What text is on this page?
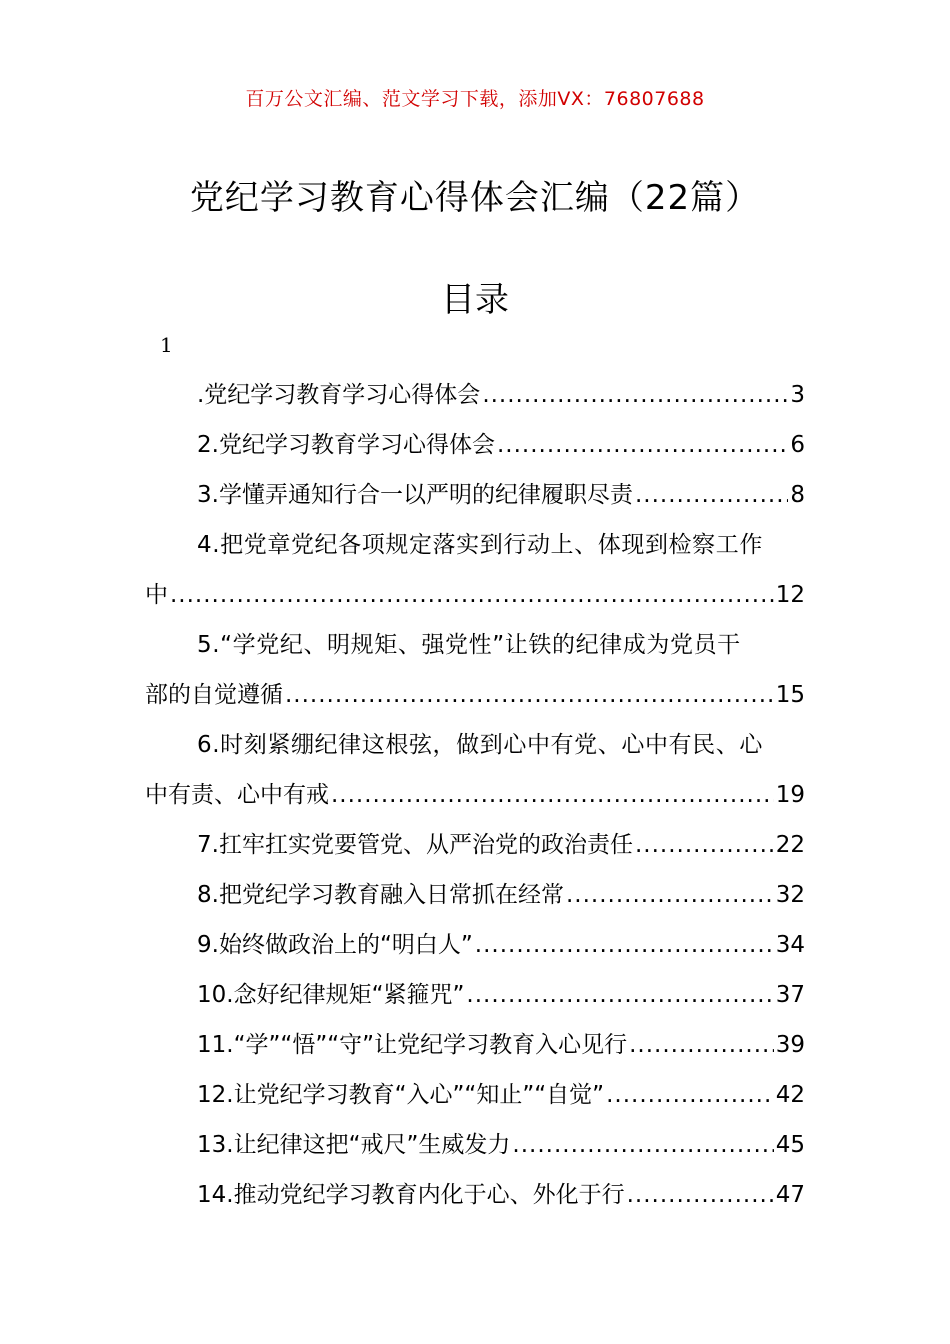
百万公文汇编、范文学习下载，添加VX：76807688
党纪学习教育心得体会汇编（22篇）
目录
1
.党纪学习教育学习心得体会 .....	3
2.党纪学习教育学习心得体会 .....	6
3.学懂弄通知行合一以严明的纪律履职尽责 .....	8
4.把党章党纪各项规定落实到行动上、体现到检察工作
中 .....	12
5.“学党纪、明规矩、强党性”让铁的纪律成为党员干
部的自觉遵循 .....	15
6.时刻紧绷纪律这根弦，做到心中有党、心中有民、心
中有责、心中有戒 .....	19
7.扛牢扛实党要管党、从严治党的政治责任 .....	22
8.把党纪学习教育融入日常抓在经常 .....	32
9.始终做政治上的“明白人” .....	34
10.念好纪律规矩“紧箍咒” .....	37
11.“学”“悟”“守”让党纪学习教育入心见行 .....	39
12.让党纪学习教育“入心”“知止”“自觉” .....	42
13.让纪律这把“戒尺”生威发力 .....	45
14.推动党纪学习教育内化于心、外化于行 .....	47
